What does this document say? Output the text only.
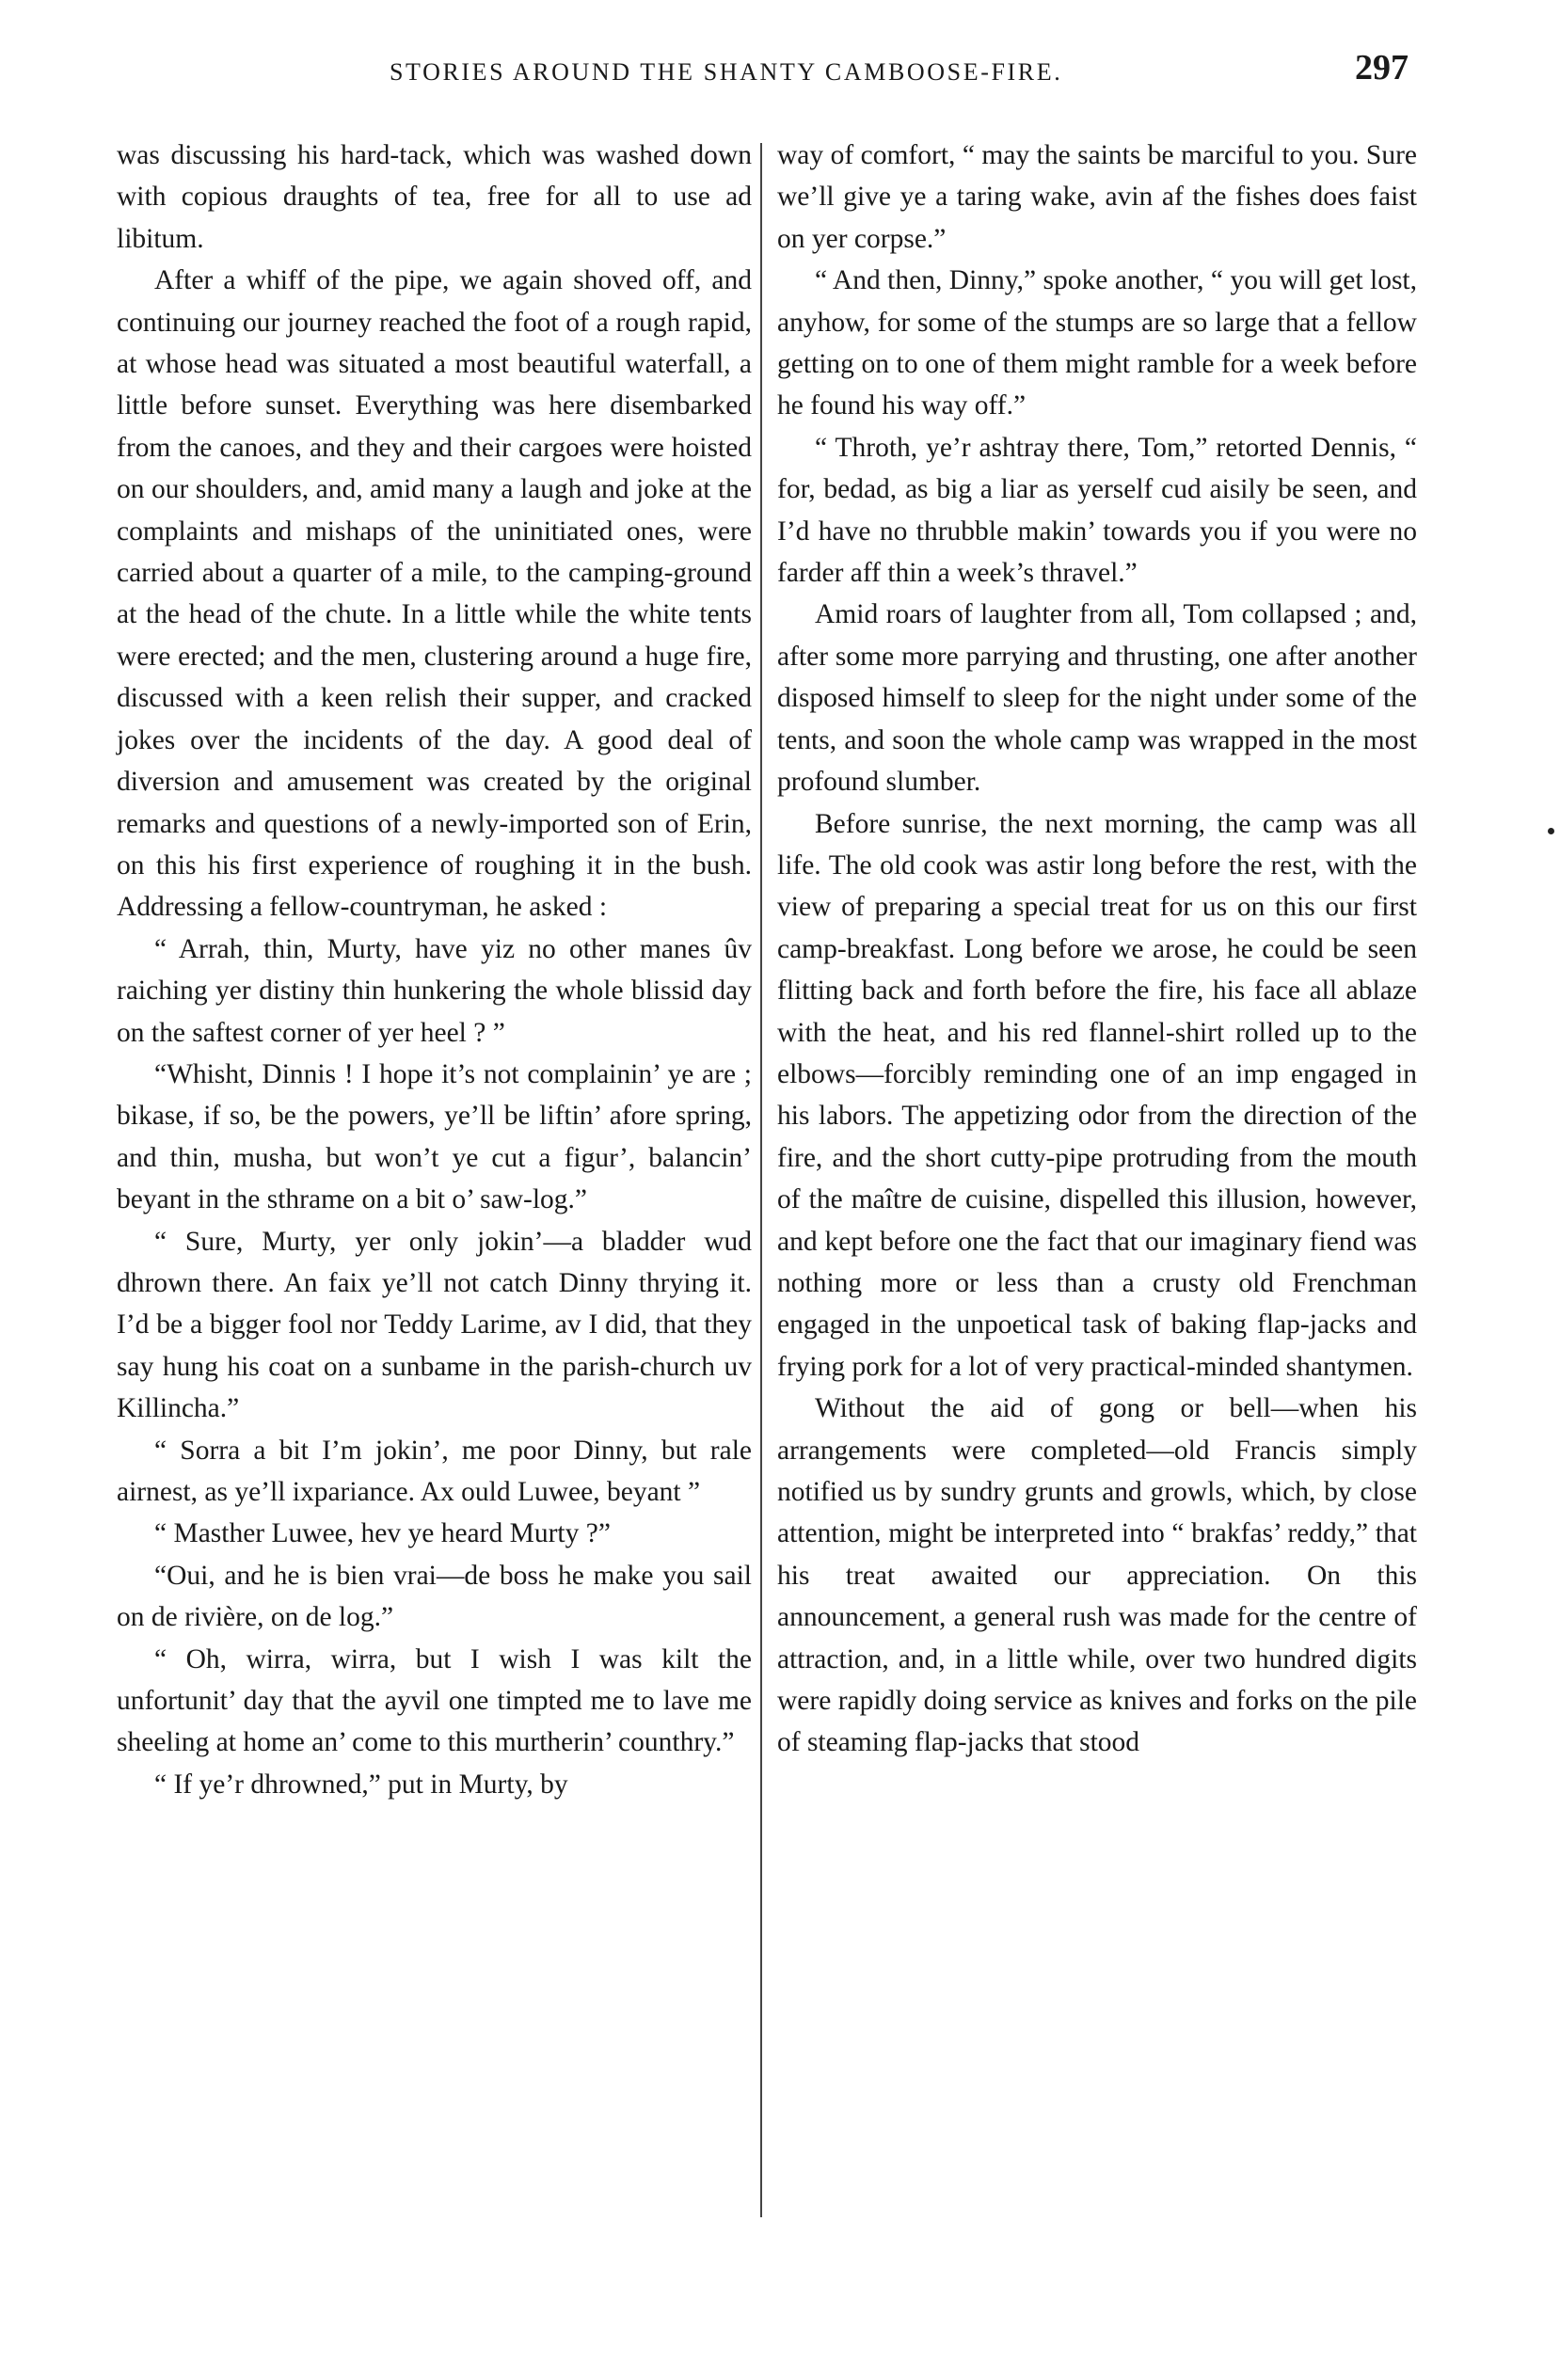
STORIES AROUND THE SHANTY CAMBOOSE-FIRE.	297

was discussing his hard-tack, which was washed down with copious draughts of tea, free for all to use ad libitum.

After a whiff of the pipe, we again shoved off, and continuing our journey reached the foot of a rough rapid, at whose head was situated a most beautiful waterfall, a little before sunset. Everything was here disembarked from the canoes, and they and their cargoes were hoisted on our shoulders, and, amid many a laugh and joke at the complaints and mishaps of the uninitiated ones, were carried about a quarter of a mile, to the camping-ground at the head of the chute. In a little while the white tents were erected; and the men, clustering around a huge fire, discussed with a keen relish their supper, and cracked jokes over the incidents of the day. A good deal of diversion and amusement was created by the original remarks and questions of a newly-imported son of Erin, on this his first experience of roughing it in the bush. Addressing a fellow-countryman, he asked :

“ Arrah, thin, Murty, have yiz no other manes ûv raiching yer distiny thin hunkering the whole blissid day on the saftest corner of yer heel ? ”

“Whisht, Dinnis ! I hope it’s not complainin’ ye are ; bikase, if so, be the powers, ye’ll be liftin’ afore spring, and thin, musha, but won’t ye cut a figur’, balancin’ beyant in the sthrame on a bit o’ saw-log.”

“ Sure, Murty, yer only jokin’—a bladder wud dhrown there. An faix ye’ll not catch Dinny thrying it. I’d be a bigger fool nor Teddy Larime, av I did, that they say hung his coat on a sunbame in the parish-church uv Killincha.”

“ Sorra a bit I’m jokin’, me poor Dinny, but rale airnest, as ye’ll ixpariance. Ax ould Luwee, beyant ”

“ Masther Luwee, hev ye heard Murty ?”

“Oui, and he is bien vrai—de boss he make you sail on de rivière, on de log.”

“ Oh, wirra, wirra, but I wish I was kilt the unfortunit’ day that the ayvil one timpted me to lave me sheeling at home an’ come to this murtherin’ counthry.”

“ If ye’r dhrowned,” put in Murty, by

way of comfort, “ may the saints be marciful to you. Sure we’ll give ye a taring wake, avin af the fishes does faist on yer corpse.”

“ And then, Dinny,” spoke another, “ you will get lost, anyhow, for some of the stumps are so large that a fellow getting on to one of them might ramble for a week before he found his way off.”

“ Throth, ye’r ashtray there, Tom,” retorted Dennis, “ for, bedad, as big a liar as yerself cud aisily be seen, and I’d have no thrubble makin’ towards you if you were no farder aff thin a week’s thravel.”

Amid roars of laughter from all, Tom collapsed ; and, after some more parrying and thrusting, one after another disposed himself to sleep for the night under some of the tents, and soon the whole camp was wrapped in the most profound slumber.

Before sunrise, the next morning, the camp was all life. The old cook was astir long before the rest, with the view of preparing a special treat for us on this our first camp-breakfast. Long before we arose, he could be seen flitting back and forth before the fire, his face all ablaze with the heat, and his red flannel-shirt rolled up to the elbows—forcibly reminding one of an imp engaged in his labors. The appetizing odor from the direction of the fire, and the short cutty-pipe protruding from the mouth of the maître de cuisine, dispelled this illusion, however, and kept before one the fact that our imaginary fiend was nothing more or less than a crusty old Frenchman engaged in the unpoetical task of baking flap-jacks and frying pork for a lot of very practical-minded shantymen.

Without the aid of gong or bell—when his arrangements were completed—old Francis simply notified us by sundry grunts and growls, which, by close attention, might be interpreted into “ brakfas’ reddy,” that his treat awaited our appreciation. On this announcement, a general rush was made for the centre of attraction, and, in a little while, over two hundred digits were rapidly doing service as knives and forks on the pile of steaming flap-jacks that stood
